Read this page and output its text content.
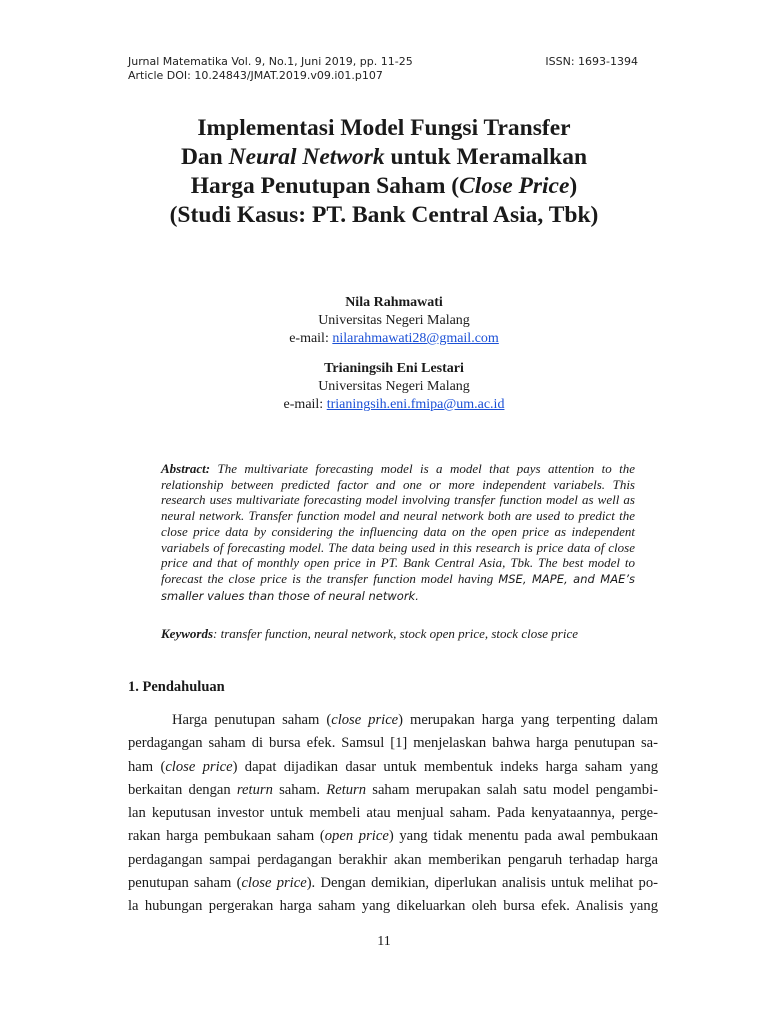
Jurnal Matematika Vol. 9, No.1, Juni 2019, pp. 11-25	ISSN: 1693-1394
Article DOI: 10.24843/JMAT.2019.v09.i01.p107
Implementasi Model Fungsi Transfer
Dan Neural Network untuk Meramalkan
Harga Penutupan Saham (Close Price)
(Studi Kasus: PT. Bank Central Asia, Tbk)
Nila Rahmawati
Universitas Negeri Malang
e-mail: nilarahmawati28@gmail.com
Trianingsih Eni Lestari
Universitas Negeri Malang
e-mail: trianingsih.eni.fmipa@um.ac.id
Abstract: The multivariate forecasting model is a model that pays attention to the relationship between predicted factor and one or more independent variabels. This research uses multivariate forecasting model involving transfer function model as well as neural network. Transfer function model and neural network both are used to predict the close price data by considering the influencing data on the open price as independent variabels of forecasting model. The data being used in this research is price data of close price and that of monthly open price in PT. Bank Central Asia, Tbk. The best model to forecast the close price is the transfer function model having MSE, MAPE, and MAE’s smaller values than those of neural network.
Keywords: transfer function, neural network, stock open price, stock close price
1. Pendahuluan
Harga penutupan saham (close price) merupakan harga yang terpenting dalam
perdagangan saham di bursa efek. Samsul [1] menjelaskan bahwa harga penutupan sa-
ham (close price) dapat dijadikan dasar untuk membentuk indeks harga saham yang
berkaitan dengan return saham. Return saham merupakan salah satu model pengambi-
lan keputusan investor untuk membeli atau menjual saham. Pada kenyataannya, perge-
rakan harga pembukaan saham (open price) yang tidak menentu pada awal pembukaan
perdagangan sampai perdagangan berakhir akan memberikan pengaruh terhadap harga
penutupan saham (close price). Dengan demikian, diperlukan analisis untuk melihat po-
la hubungan pergerakan harga saham yang dikeluarkan oleh bursa efek. Analisis yang
11
